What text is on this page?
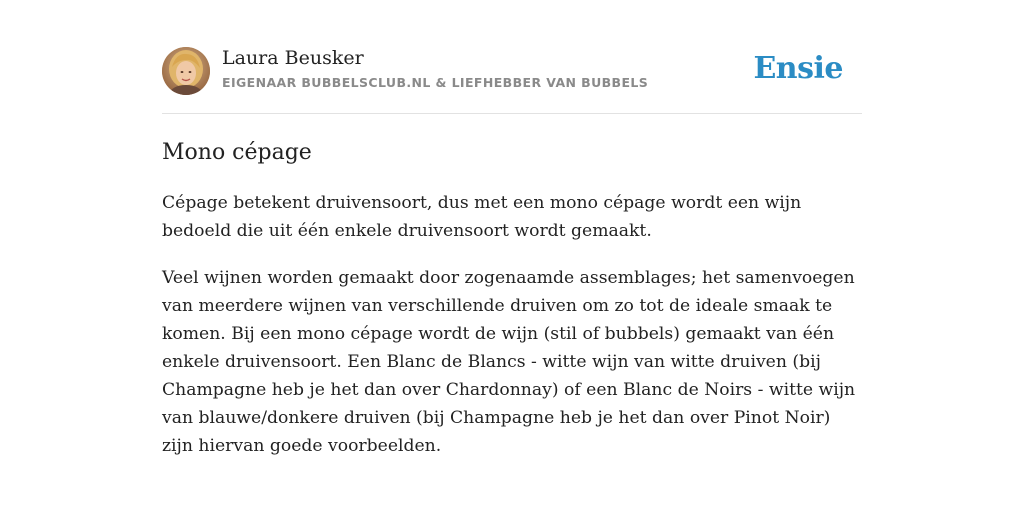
Laura Beusker
EIGENAAR BUBBELSCLUB.NL & LIEFHEBBER VAN BUBBELS	Ensie
Mono cépage

Cépage betekent druivensoort, dus met een mono cépage wordt een wijn bedoeld die uit één enkele druivensoort wordt gemaakt.

Veel wijnen worden gemaakt door zogenaamde assemblages; het samenvoegen van meerdere wijnen van verschillende druiven om zo tot de ideale smaak te komen. Bij een mono cépage wordt de wijn (stil of bubbels) gemaakt van één enkele druivensoort. Een Blanc de Blancs - witte wijn van witte druiven (bij Champagne heb je het dan over Chardonnay) of een Blanc de Noirs - witte wijn van blauwe/donkere druiven (bij Champagne heb je het dan over Pinot Noir) zijn hiervan goede voorbeelden.
